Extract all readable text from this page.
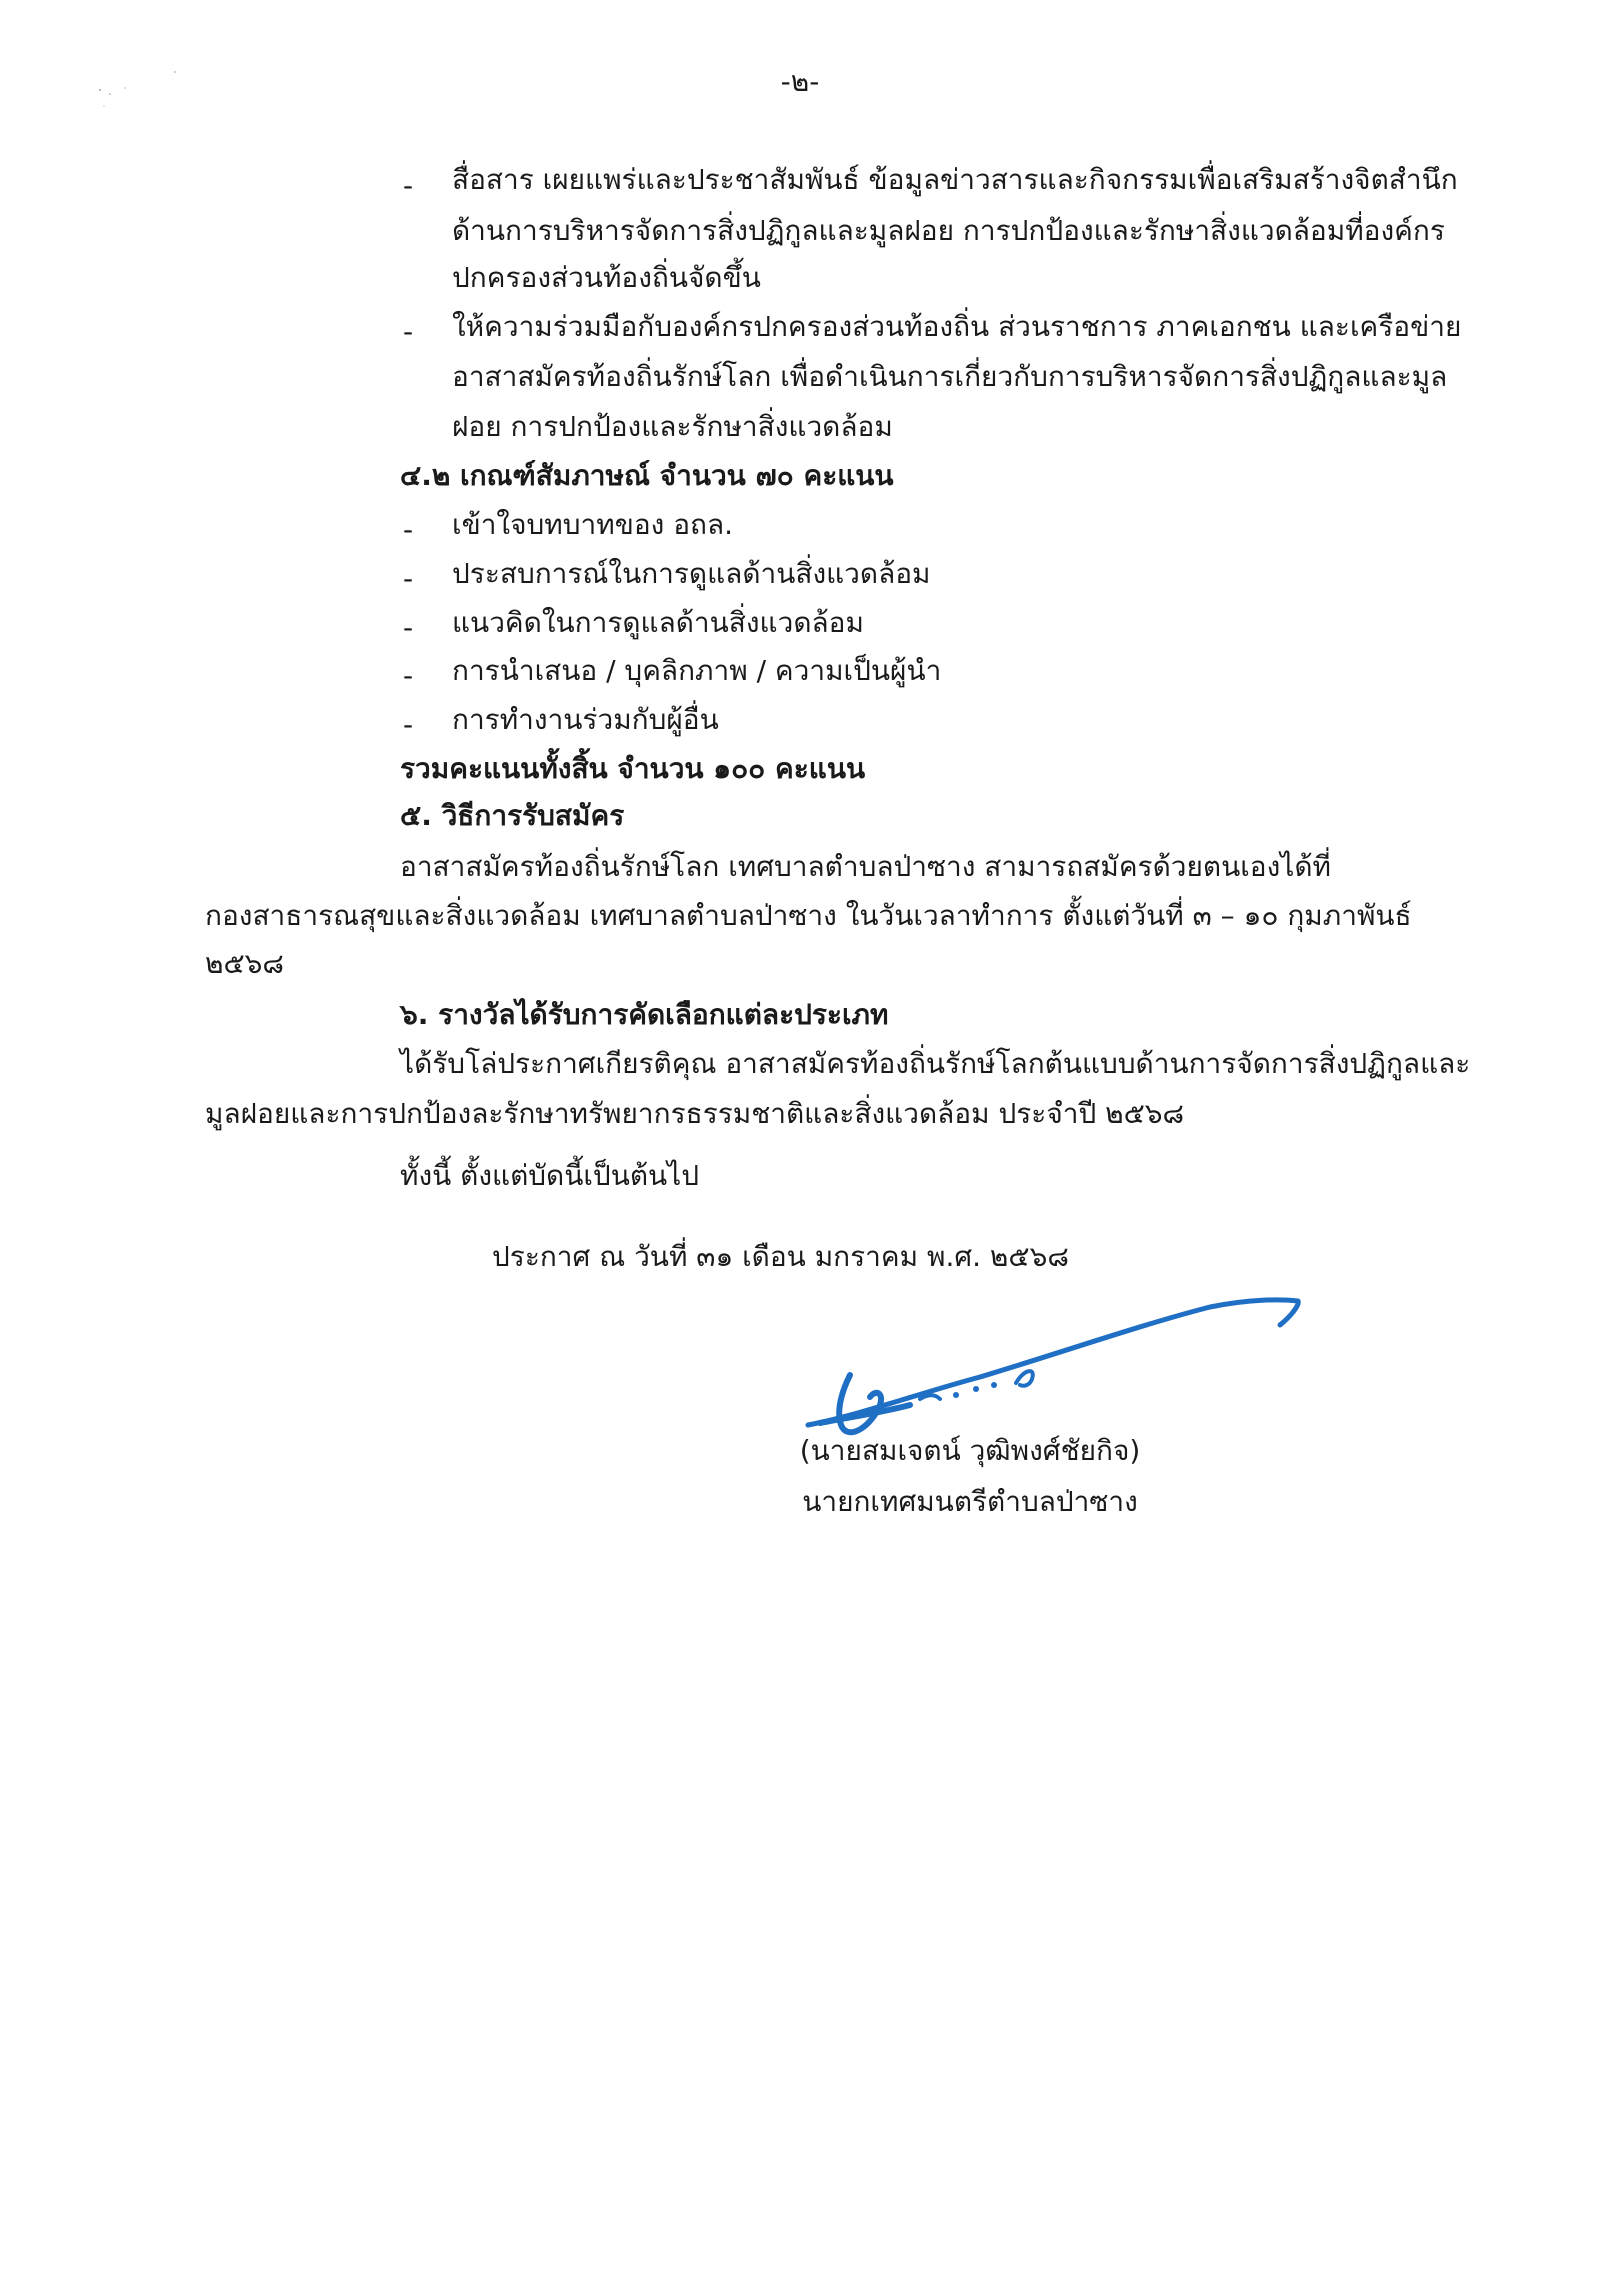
-๒-
- สื่อสาร เผยแพร่และประชาสัมพันธ์ ข้อมูลข่าวสารและกิจกรรมเพื่อเสริมสร้างจิตสำนึก
ด้านการบริหารจัดการสิ่งปฏิกูลและมูลฝอย การปกป้องและรักษาสิ่งแวดล้อมที่องค์กร
ปกครองส่วนท้องถิ่นจัดขึ้น
- ให้ความร่วมมือกับองค์กรปกครองส่วนท้องถิ่น ส่วนราชการ ภาคเอกชน และเครือข่าย
อาสาสมัครท้องถิ่นรักษ์โลก เพื่อดำเนินการเกี่ยวกับการบริหารจัดการสิ่งปฏิกูลและมูล
ฝอย การปกป้องและรักษาสิ่งแวดล้อม
๔.๒ เกณฑ์สัมภาษณ์ จำนวน ๗๐ คะแนน
- เข้าใจบทบาทของ อถล.
- ประสบการณ์ในการดูแลด้านสิ่งแวดล้อม
- แนวคิดในการดูแลด้านสิ่งแวดล้อม
- การนำเสนอ / บุคลิกภาพ / ความเป็นผู้นำ
- การทำงานร่วมกับผู้อื่น
รวมคะแนนทั้งสิ้น จำนวน ๑๐๐ คะแนน
๕. วิธีการรับสมัคร
อาสาสมัครท้องถิ่นรักษ์โลก เทศบาลตำบลป่าซาง สามารถสมัครด้วยตนเองได้ที่
กองสาธารณสุขและสิ่งแวดล้อม เทศบาลตำบลป่าซาง ในวันเวลาทำการ ตั้งแต่วันที่ ๓ – ๑๐ กุมภาพันธ์
๒๕๖๘
๖. รางวัลได้รับการคัดเลือกแต่ละประเภท
ได้รับโล่ประกาศเกียรติคุณ อาสาสมัครท้องถิ่นรักษ์โลกต้นแบบด้านการจัดการสิ่งปฏิกูลและ
มูลฝอยและการปกป้องละรักษาทรัพยากรธรรมชาติและสิ่งแวดล้อม ประจำปี ๒๕๖๘
ทั้งนี้ ตั้งแต่บัดนี้เป็นต้นไป
ประกาศ ณ วันที่ ๓๑ เดือน มกราคม พ.ศ. ๒๕๖๘
(นายสมเจตน์ วุฒิพงศ์ชัยกิจ)
นายกเทศมนตรีตำบลป่าซาง
